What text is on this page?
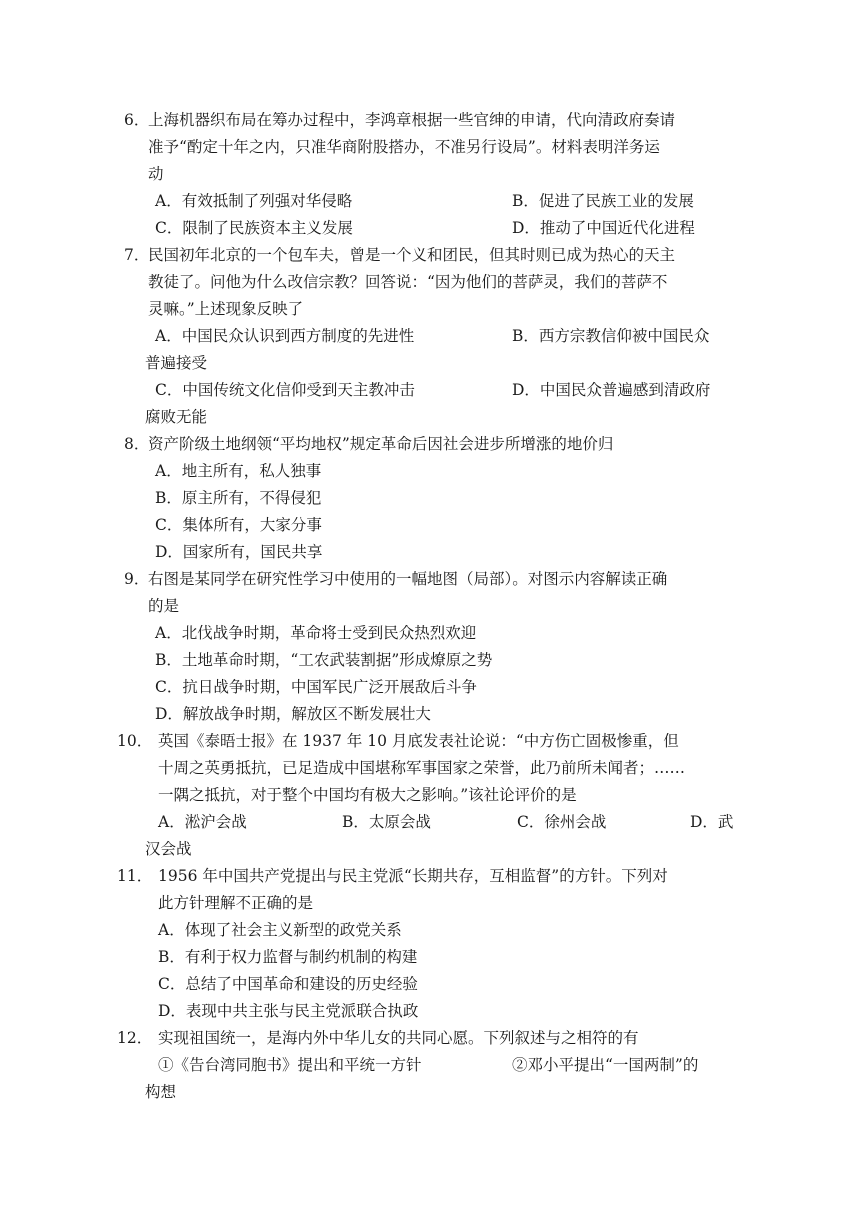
6．
上海机器织布局在筹办过程中，李鸿章根据一些官绅的申请，代向清政府奏请
准予“酌定十年之内，只准华商附股搭办，不准另行设局”。材料表明洋务运
动
A．有效抵制了列强对华侵略	B．促进了民族工业的发展
C．限制了民族资本主义发展	D．推动了中国近代化进程
7．
民国初年北京的一个包车夫，曾是一个义和团民，但其时则已成为热心的天主
教徒了。问他为什么改信宗教？回答说：“因为他们的菩萨灵，我们的菩萨不
灵嘛。”上述现象反映了
A．中国民众认识到西方制度的先进性	B．西方宗教信仰被中国民众
普遍接受
C．中国传统文化信仰受到天主教冲击	D．中国民众普遍感到清政府
腐败无能
8．
资产阶级土地纲领“平均地权”规定革命后因社会进步所增涨的地价归
A．地主所有，私人独事
B．原主所有，不得侵犯
C．集体所有，大家分事
D．国家所有，国民共享
9．
右图是某同学在研究性学习中使用的一幅地图（局部）。对图示内容解读正确
的是
A．北伐战争时期，革命将士受到民众热烈欢迎
B．土地革命时期，“工农武装割据”形成燎原之势
C．抗日战争时期，中国军民广泛开展敌后斗争
D．解放战争时期，解放区不断发展壮大
10． 英国《泰晤士报》在 1937 年 10 月底发表社论说：“中方伤亡固极惨重，但
十周之英勇抵抗，已足造成中国堪称军事国家之荣誉，此乃前所未闻者；……
一隅之抵抗，对于整个中国均有极大之影响。”该社论评价的是
A．淞沪会战	B．太原会战	C．徐州会战	D．武
汉会战
11． 1956 年中国共产党提出与民主党派“长期共存，互相监督”的方针。下列对
此方针理解不正确的是
A．体现了社会主义新型的政党关系
B．有利于权力监督与制约机制的构建
C．总结了中国革命和建设的历史经验
D．表现中共主张与民主党派联合执政
12． 实现祖国统一，是海内外中华儿女的共同心愿。下列叙述与之相符的有
①《告台湾同胞书》提出和平统一方针	②邓小平提出“一国两制”的
构想
